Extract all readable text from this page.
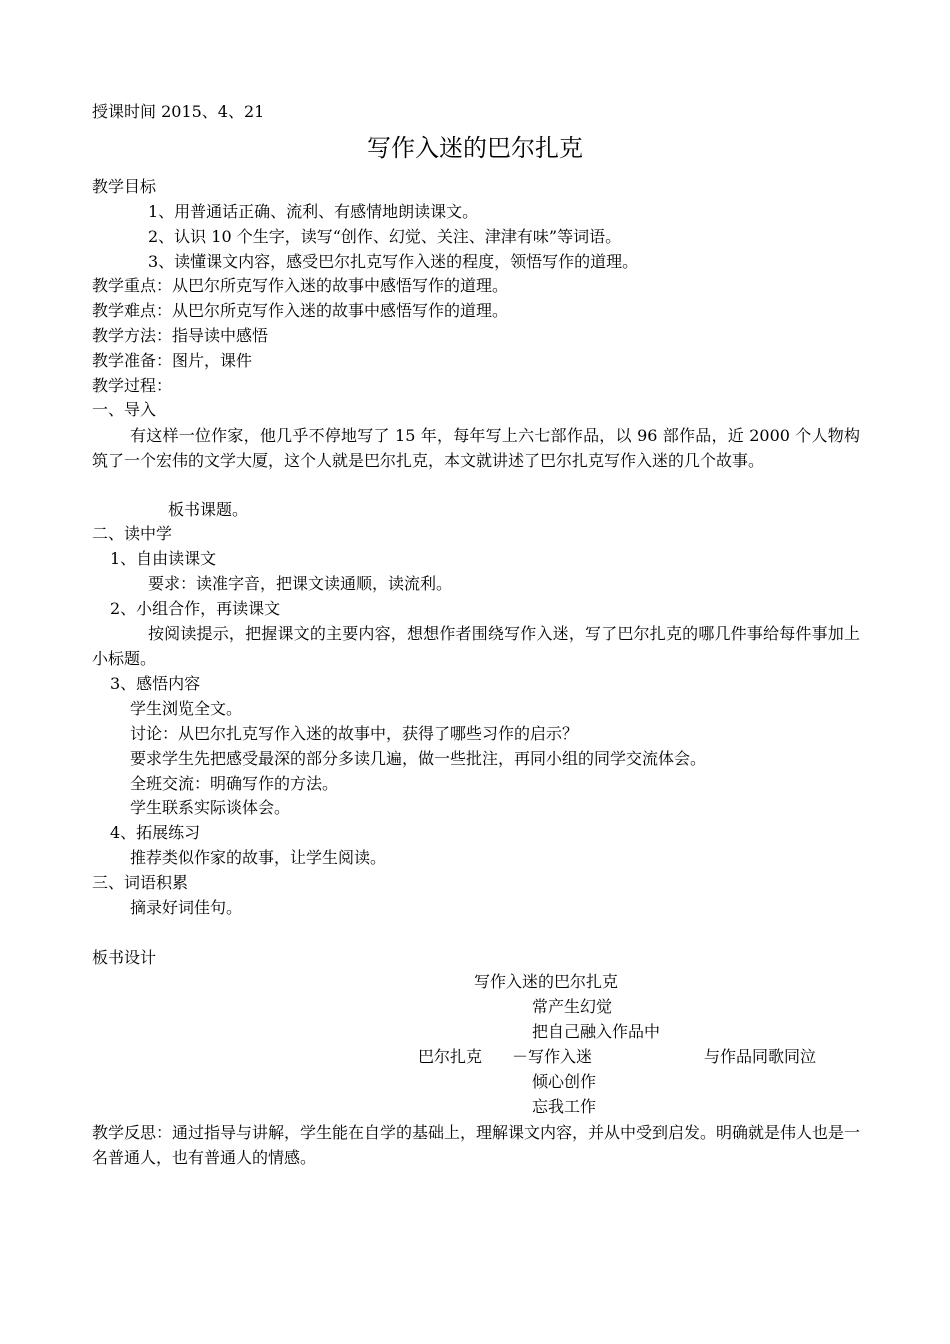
授课时间 2015、4、21

写作入迷的巴尔扎克

教学目标

1、用普通话正确、流利、有感情地朗读课文。

2、认识 10 个生字，读写“创作、幻觉、关注、津津有味”等词语。

3、读懂课文内容，感受巴尔扎克写作入迷的程度，领悟写作的道理。

教学重点：从巴尔所克写作入迷的故事中感悟写作的道理。

教学难点：从巴尔所克写作入迷的故事中感悟写作的道理。

教学方法：指导读中感悟

教学准备：图片，课件

教学过程：

一、导入

有这样一位作家，他几乎不停地写了 15 年，每年写上六七部作品，以 96 部作品，近 2000 个人物构筑了一个宏伟的文学大厦，这个人就是巴尔扎克，本文就讲述了巴尔扎克写作入迷的几个故事。

板书课题。

二、读中学

1、自由读课文

要求：读准字音，把课文读通顺，读流利。

2、小组合作，再读课文

按阅读提示，把握课文的主要内容，想想作者围绕写作入迷，写了巴尔扎克的哪几件事给每件事加上小标题。

3、感悟内容

学生浏览全文。

讨论：从巴尔扎克写作入迷的故事中，获得了哪些习作的启示？

要求学生先把感受最深的部分多读几遍，做一些批注，再同小组的同学交流体会。

全班交流：明确写作的方法。

学生联系实际谈体会。

4、拓展练习

推荐类似作家的故事，让学生阅读。

三、词语积累

摘录好词佳句。

板书设计

写作入迷的巴尔扎克

常产生幻觉

把自己融入作品中

巴尔扎克 －写作入迷	与作品同歌同泣

倾心创作

忘我工作

教学反思：通过指导与讲解，学生能在自学的基础上，理解课文内容，并从中受到启发。明确就是伟人也是一名普通人，也有普通人的情感。
